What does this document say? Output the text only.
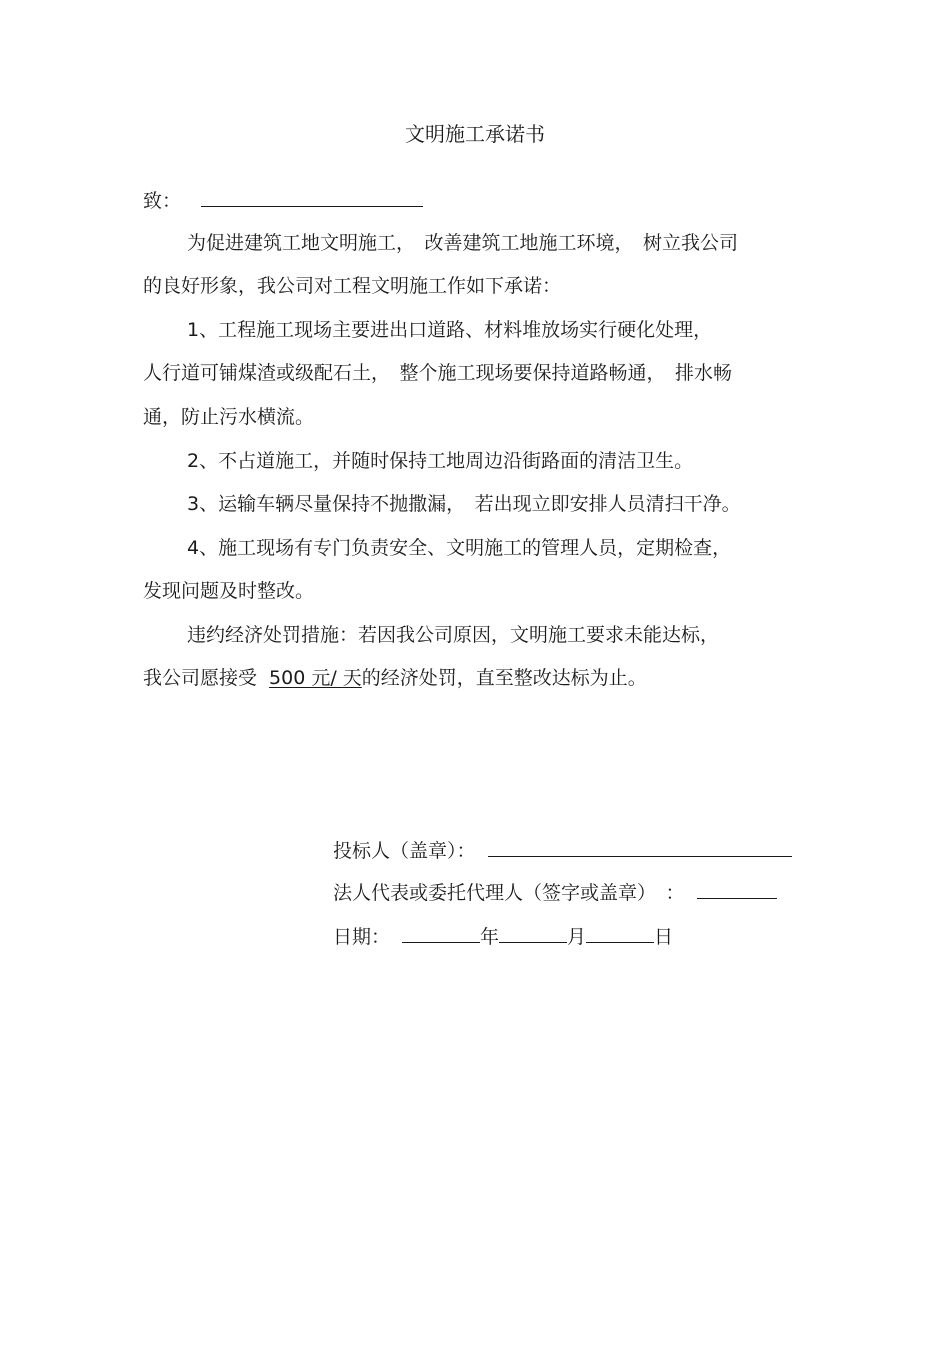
文明施工承诺书
致：
为促进建筑工地文明施工，　改善建筑工地施工环境，　树立我公司
的良好形象，我公司对工程文明施工作如下承诺：
1、工程施工现场主要进出口道路、材料堆放场实行硬化处理，
人行道可铺煤渣或级配石土，　整个施工现场要保持道路畅通，　排水畅
通，防止污水横流。
2、不占道施工，并随时保持工地周边沿街路面的清洁卫生。
3、运输车辆尽量保持不抛撒漏，　若出现立即安排人员清扫干净。
4、施工现场有专门负责安全、文明施工的管理人员，定期检查，
发现问题及时整改。
违约经济处罚措施：若因我公司原因，文明施工要求未能达标，
我公司愿接受 500 元/ 天的经济处罚，直至整改达标为止。
投标人（盖章）：
法人代表或委托代理人（签字或盖章）　：
日期：	年	月	日
